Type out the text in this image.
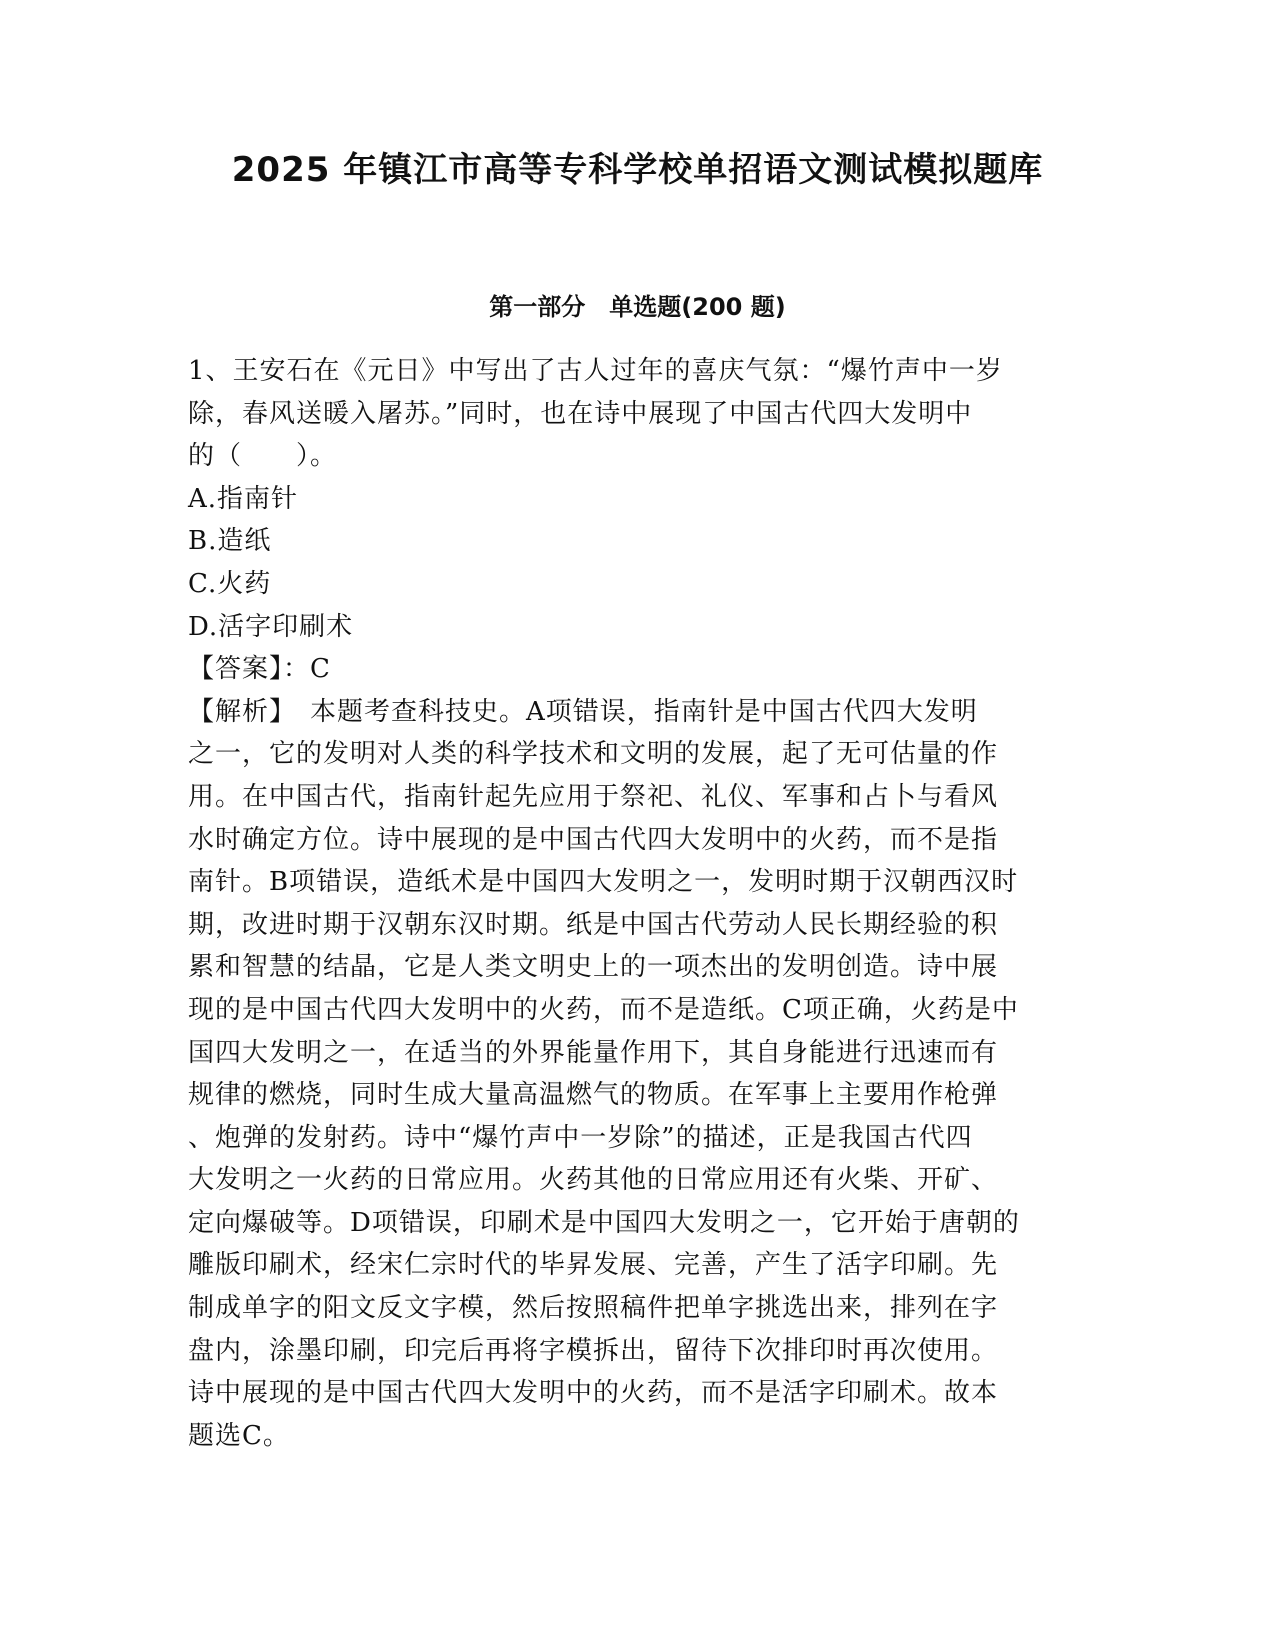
2025 年镇江市高等专科学校单招语文测试模拟题库
第一部分　单选题(200 题)
1、王安石在《元日》中写出了古人过年的喜庆气氛：“爆竹声中一岁
除，春风送暖入屠苏。”同时，也在诗中展现了中国古代四大发明中
的（　　）。
A.指南针
B.造纸
C.火药
D.活字印刷术
【答案】：C
【解析】　本题考查科技史。A项错误，指南针是中国古代四大发明
之一，它的发明对人类的科学技术和文明的发展，起了无可估量的作
用。在中国古代，指南针起先应用于祭祀、礼仪、军事和占卜与看风
水时确定方位。诗中展现的是中国古代四大发明中的火药，而不是指
南针。B项错误，造纸术是中国四大发明之一，发明时期于汉朝西汉时
期，改进时期于汉朝东汉时期。纸是中国古代劳动人民长期经验的积
累和智慧的结晶，它是人类文明史上的一项杰出的发明创造。诗中展
现的是中国古代四大发明中的火药，而不是造纸。C项正确，火药是中
国四大发明之一，在适当的外界能量作用下，其自身能进行迅速而有
规律的燃烧，同时生成大量高温燃气的物质。在军事上主要用作枪弹
、炮弹的发射药。诗中“爆竹声中一岁除”的描述，正是我国古代四
大发明之一火药的日常应用。火药其他的日常应用还有火柴、开矿、
定向爆破等。D项错误，印刷术是中国四大发明之一，它开始于唐朝的
雕版印刷术，经宋仁宗时代的毕昇发展、完善，产生了活字印刷。先
制成单字的阳文反文字模，然后按照稿件把单字挑选出来，排列在字
盘内，涂墨印刷，印完后再将字模拆出，留待下次排印时再次使用。
诗中展现的是中国古代四大发明中的火药，而不是活字印刷术。故本
题选C。
